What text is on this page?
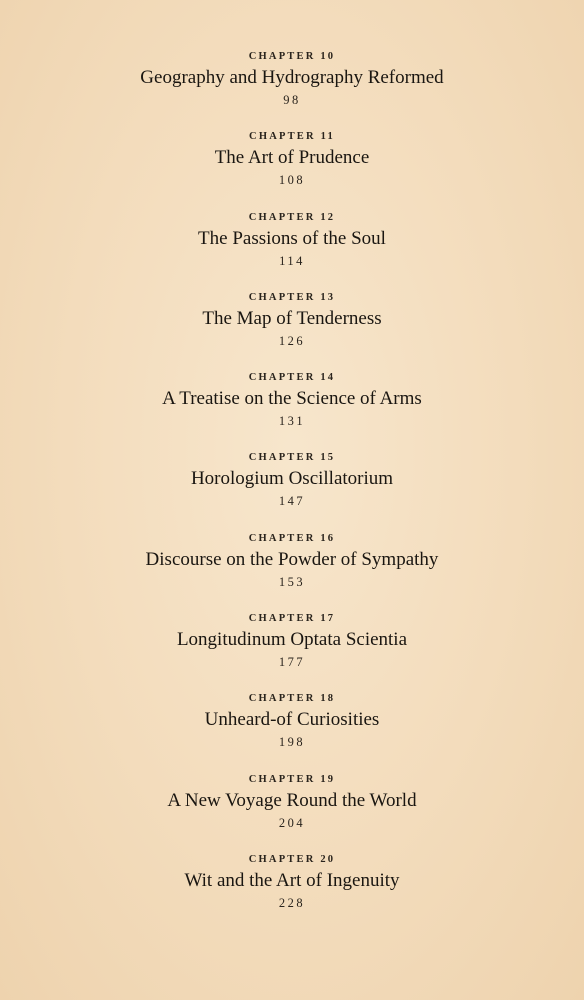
CHAPTER 10
Geography and Hydrography Reformed
98
CHAPTER 11
The Art of Prudence
108
CHAPTER 12
The Passions of the Soul
114
CHAPTER 13
The Map of Tenderness
126
CHAPTER 14
A Treatise on the Science of Arms
131
CHAPTER 15
Horologium Oscillatorium
147
CHAPTER 16
Discourse on the Powder of Sympathy
153
CHAPTER 17
Longitudinum Optata Scientia
177
CHAPTER 18
Unheard-of Curiosities
198
CHAPTER 19
A New Voyage Round the World
204
CHAPTER 20
Wit and the Art of Ingenuity
228
